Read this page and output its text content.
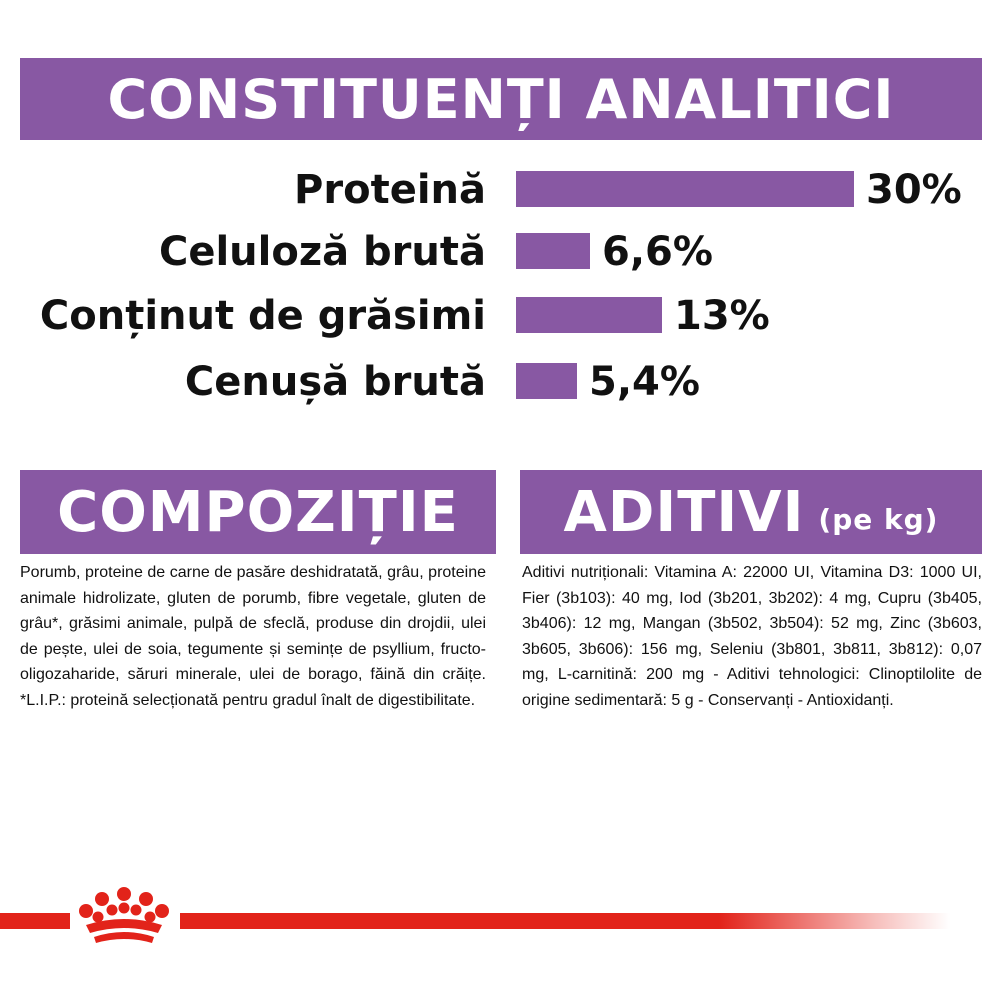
CONSTITUENȚI ANALITICI
Proteină	30%
Celuloză brută	6,6%
Conținut de grăsimi	13%
Cenușă brută	5,4%
COMPOZIȚIE ADITIVI (pe kg)
Porumb, proteine de carne de pasăre deshidratată, grâu, proteine animale hidrolizate, gluten de porumb, fibre vegetale, gluten de grâu*, grăsimi animale, pulpă de sfeclă, produse din drojdii, ulei de pește, ulei de soia, tegumente și semințe de psyllium, fructo-oligozaharide, săruri minerale, ulei de borago, făină din crăițe. *L.I.P.: proteină selecționată pentru gradul înalt de digestibilitate.
Aditivi nutriționali: Vitamina A: 22000 UI, Vitamina D3: 1000 UI, Fier (3b103): 40 mg, Iod (3b201, 3b202): 4 mg, Cupru (3b405, 3b406): 12 mg, Mangan (3b502, 3b504): 52 mg, Zinc (3b603, 3b605, 3b606): 156 mg, Seleniu (3b801, 3b811, 3b812): 0,07 mg, L-carnitină: 200 mg - Aditivi tehnologici: Clinoptilolite de origine sedimentară: 5 g - Conservanți - Antioxidanți.
